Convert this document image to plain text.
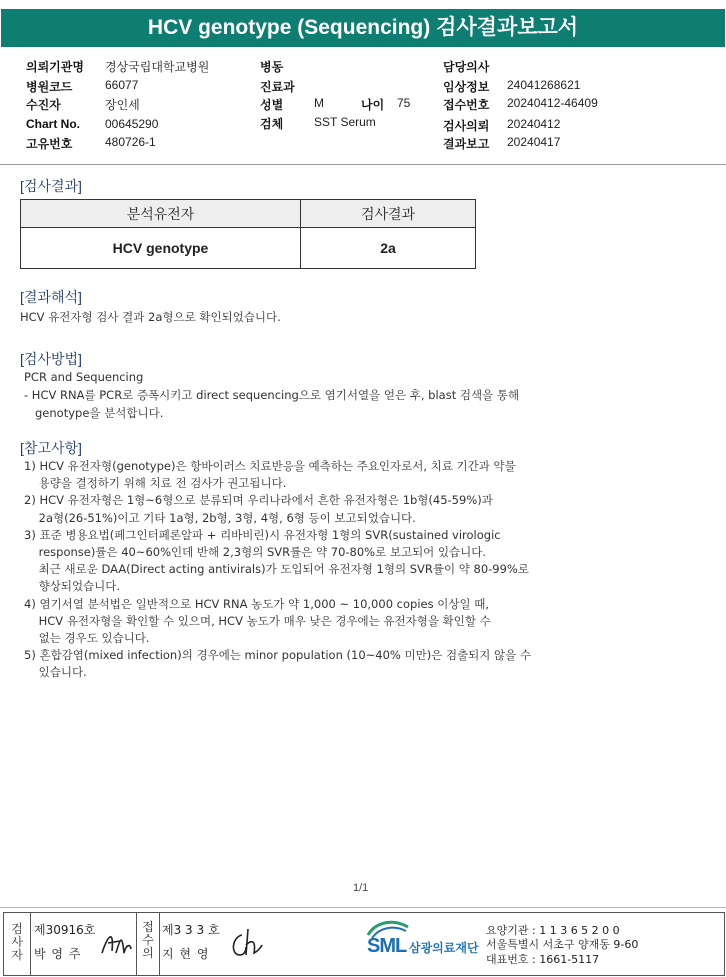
HCV genotype (Sequencing) 검사결과보고서
의뢰기관명 경상국립대학교병원
병원코드	66077
수진자	장인세
Chart No. 00645290
고유번호	480726-1
병동
진료과
성별	M	나이 75
검체	SST Serum
담당의사
임상정보 24041268621
접수번호 20240412-46409
검사의뢰 20240412
결과보고 20240417
[검사결과]
분석유전자	검사결과
HCV genotype	2a
[결과해석]
HCV 유전자형 검사 결과 2a형으로 확인되었습니다.
[검사방법]
PCR and Sequencing
- HCV RNA를 PCR로 증폭시키고 direct sequencing으로 염기서열을 얻은 후, blast 검색을 통해
genotype을 분석합니다.
[참고사항]
1) HCV 유전자형(genotype)은 항바이러스 치료반응을 예측하는 주요인자로서, 치료 기간과 약물
용량을 결정하기 위해 치료 전 검사가 권고됩니다.
2) HCV 유전자형은 1형~6형으로 분류되며 우리나라에서 흔한 유전자형은 1b형(45-59%)과
2a형(26-51%)이고 기타 1a형, 2b형, 3형, 4형, 6형 등이 보고되었습니다.
3) 표준 병용요법(페그인터페론알파 + 리바비린)시 유전자형 1형의 SVR(sustained virologic
response)률은 40~60%인데 반해 2,3형의 SVR률은 약 70-80%로 보고되어 있습니다.
최근 새로운 DAA(Direct acting antivirals)가 도입되어 유전자형 1형의 SVR률이 약 80-99%로
향상되었습니다.
4) 염기서열 분석법은 일반적으로 HCV RNA 농도가 약 1,000 ~ 10,000 copies 이상일 때,
HCV 유전자형을 확인할 수 있으며, HCV 농도가 매우 낮은 경우에는 유전자형을 확인할 수
없는 경우도 있습니다.
5) 혼합감염(mixed infection)의 경우에는 minor population (10~40% 미만)은 검출되지 않을 수
있습니다.
1/1
검사자
제30916호
박 영 주
접수의
제3 3 3 호
지 현 영	SML 삼광의료재단
요양기관 : 1 1 3 6 5 2 0 0
서울특별시 서초구 양재동 9-60
대표번호 : 1661-5117
